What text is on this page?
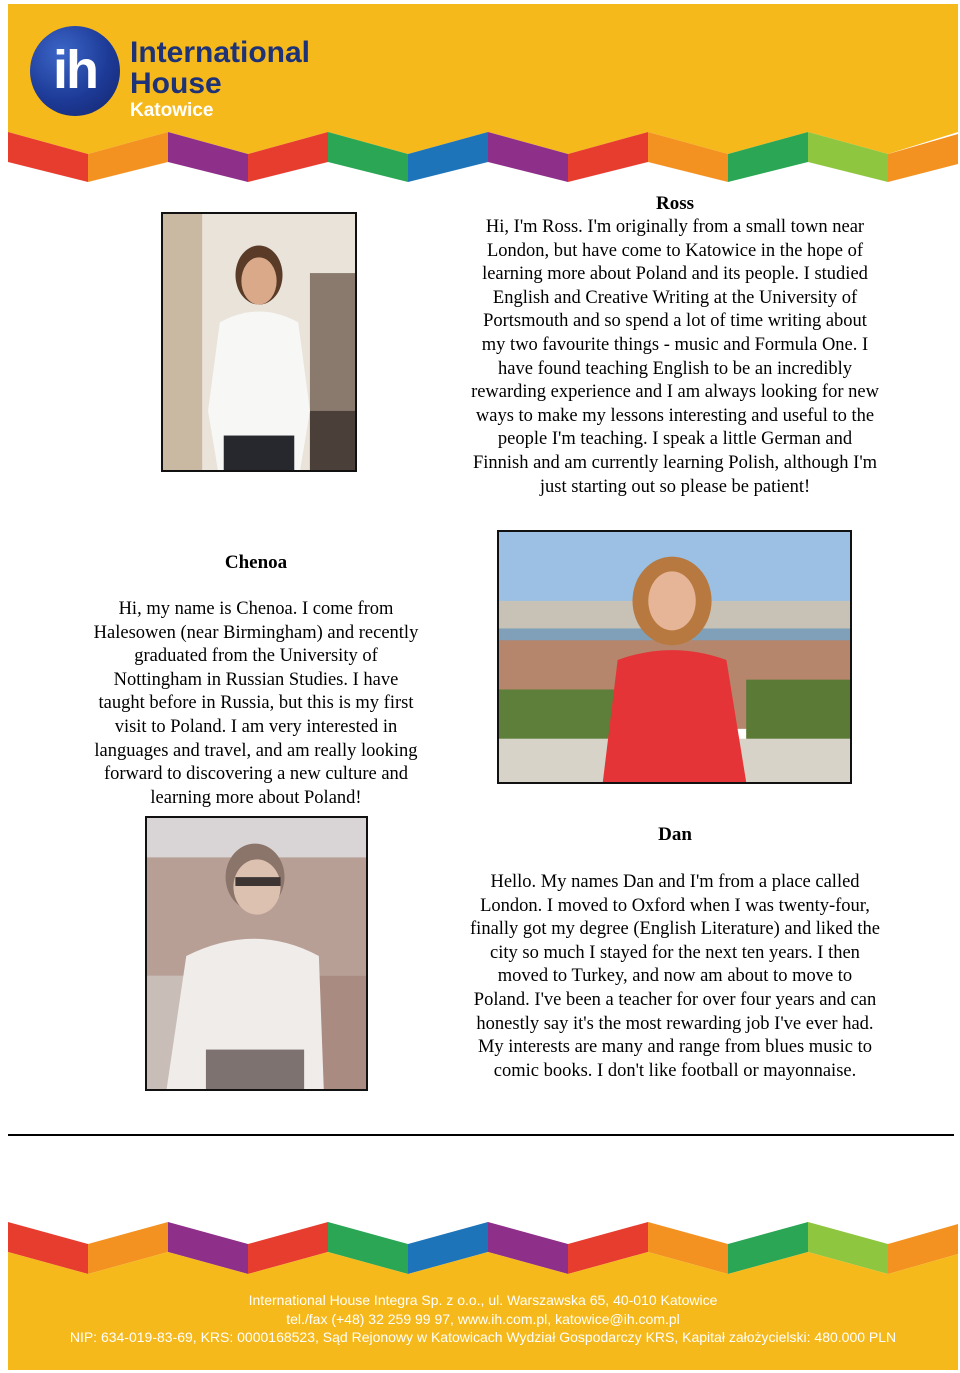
ih	International
House
Katowice
Ross
Hi, I'm Ross. I'm originally from a small town near
London, but have come to Katowice in the hope of
learning more about Poland and its people. I studied
English and Creative Writing at the University of
Portsmouth and so spend a lot of time writing about
my two favourite things - music and Formula One. I
have found teaching English to be an incredibly
rewarding experience and I am always looking for new
ways to make my lessons interesting and useful to the
people I'm teaching. I speak a little German and
Finnish and am currently learning Polish, although I'm
just starting out so please be patient!
Chenoa
Hi, my name is Chenoa. I come from
Halesowen (near Birmingham) and recently
graduated from the University of
Nottingham in Russian Studies. I have
taught before in Russia, but this is my first
visit to Poland. I am very interested in
languages and travel, and am really looking
forward to discovering a new culture and
learning more about Poland!
Dan
Hello. My names Dan and I'm from a place called
London. I moved to Oxford when I was twenty-four,
finally got my degree (English Literature) and liked the
city so much I stayed for the next ten years. I then
moved to Turkey, and now am about to move to
Poland. I've been a teacher for over four years and can
honestly say it's the most rewarding job I've ever had.
My interests are many and range from blues music to
comic books. I don't like football or mayonnaise.
International House Integra Sp. z o.o., ul. Warszawska 65, 40-010 Katowice
tel./fax (+48) 32 259 99 97, www.ih.com.pl, katowice@ih.com.pl
NIP: 634-019-83-69, KRS: 0000168523, Sąd Rejonowy w Katowicach Wydział Gospodarczy KRS, Kapitał założycielski: 480.000 PLN
